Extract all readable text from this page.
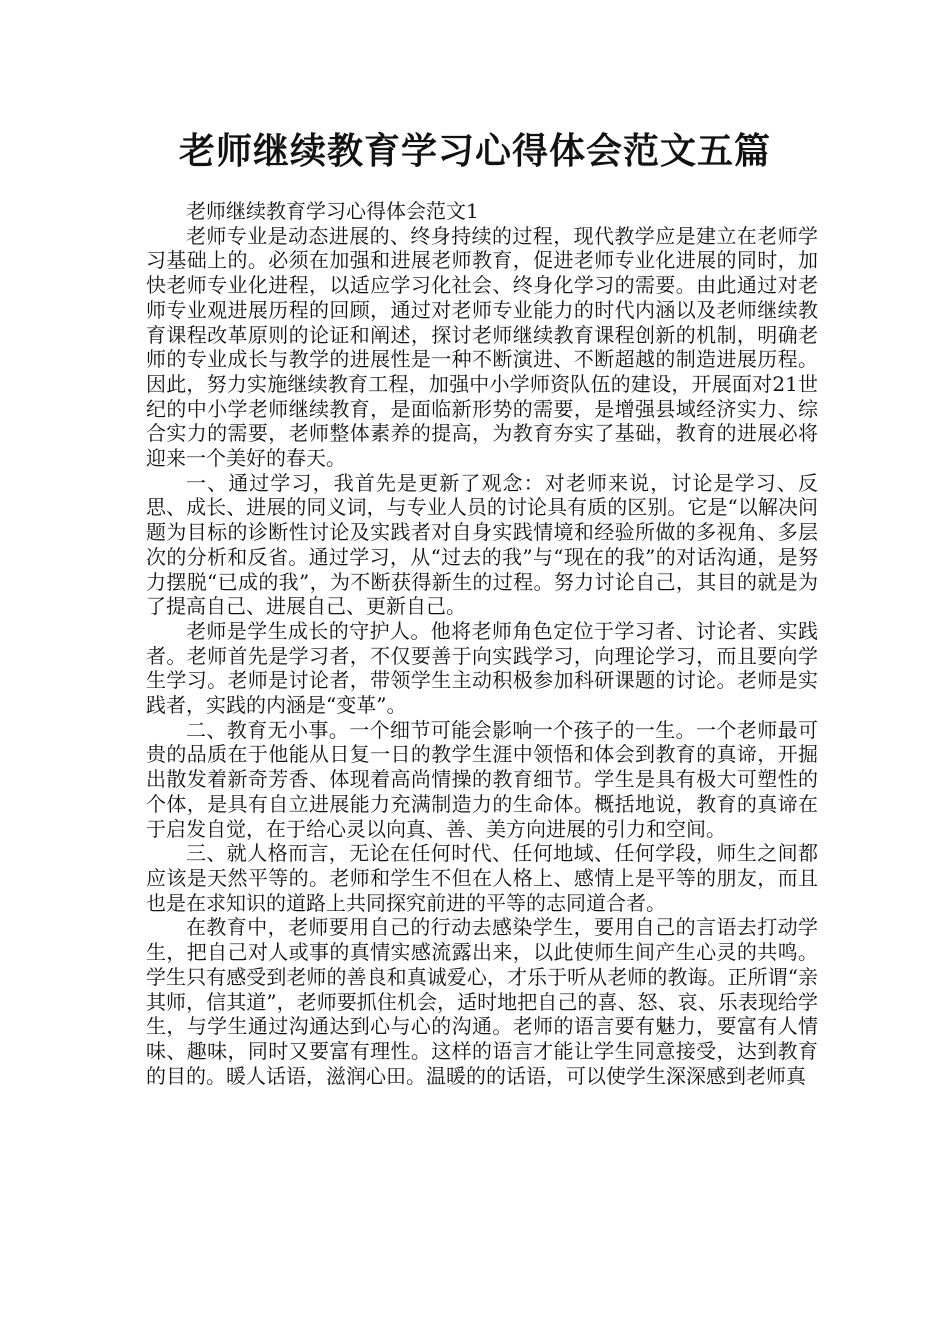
老师继续教育学习心得体会范文五篇

老师继续教育学习心得体会范文1

老师专业是动态进展的、终身持续的过程，现代教学应是建立在老师学习基础上的。必须在加强和进展老师教育，促进老师专业化进展的同时，加快老师专业化进程，以适应学习化社会、终身化学习的需要。由此通过对老师专业观进展历程的回顾，通过对老师专业能力的时代内涵以及老师继续教育课程改革原则的论证和阐述，探讨老师继续教育课程创新的机制，明确老师的专业成长与教学的进展性是一种不断演进、不断超越的制造进展历程。因此，努力实施继续教育工程，加强中小学师资队伍的建设，开展面对21世纪的中小学老师继续教育，是面临新形势的需要，是增强县域经济实力、综合实力的需要，老师整体素养的提高，为教育夯实了基础，教育的进展必将迎来一个美好的春天。

一、通过学习，我首先是更新了观念：对老师来说，讨论是学习、反思、成长、进展的同义词，与专业人员的讨论具有质的区别。它是“以解决问题为目标的诊断性讨论及实践者对自身实践情境和经验所做的多视角、多层次的分析和反省。通过学习，从“过去的我”与“现在的我”的对话沟通，是努力摆脱“已成的我”，为不断获得新生的过程。努力讨论自己，其目的就是为了提高自己、进展自己、更新自己。

老师是学生成长的守护人。他将老师角色定位于学习者、讨论者、实践者。老师首先是学习者，不仅要善于向实践学习，向理论学习，而且要向学生学习。老师是讨论者，带领学生主动积极参加科研课题的讨论。老师是实践者，实践的内涵是“变革”。

二、教育无小事。一个细节可能会影响一个孩子的一生。一个老师最可贵的品质在于他能从日复一日的教学生涯中领悟和体会到教育的真谛，开掘出散发着新奇芳香、体现着高尚情操的教育细节。学生是具有极大可塑性的个体，是具有自立进展能力充满制造力的生命体。概括地说，教育的真谛在于启发自觉，在于给心灵以向真、善、美方向进展的引力和空间。

三、就人格而言，无论在任何时代、任何地域、任何学段，师生之间都应该是天然平等的。老师和学生不但在人格上、感情上是平等的朋友，而且也是在求知识的道路上共同探究前进的平等的志同道合者。

在教育中，老师要用自己的行动去感染学生，要用自己的言语去打动学生，把自己对人或事的真情实感流露出来，以此使师生间产生心灵的共鸣。学生只有感受到老师的善良和真诚爱心，才乐于听从老师的教诲。正所谓“亲其师，信其道”，老师要抓住机会，适时地把自己的喜、怒、哀、乐表现给学生，与学生通过沟通达到心与心的沟通。老师的语言要有魅力，要富有人情味、趣味，同时又要富有理性。这样的语言才能让学生同意接受，达到教育的目的。暖人话语，滋润心田。温暖的的话语，可以使学生深深感到老师真
